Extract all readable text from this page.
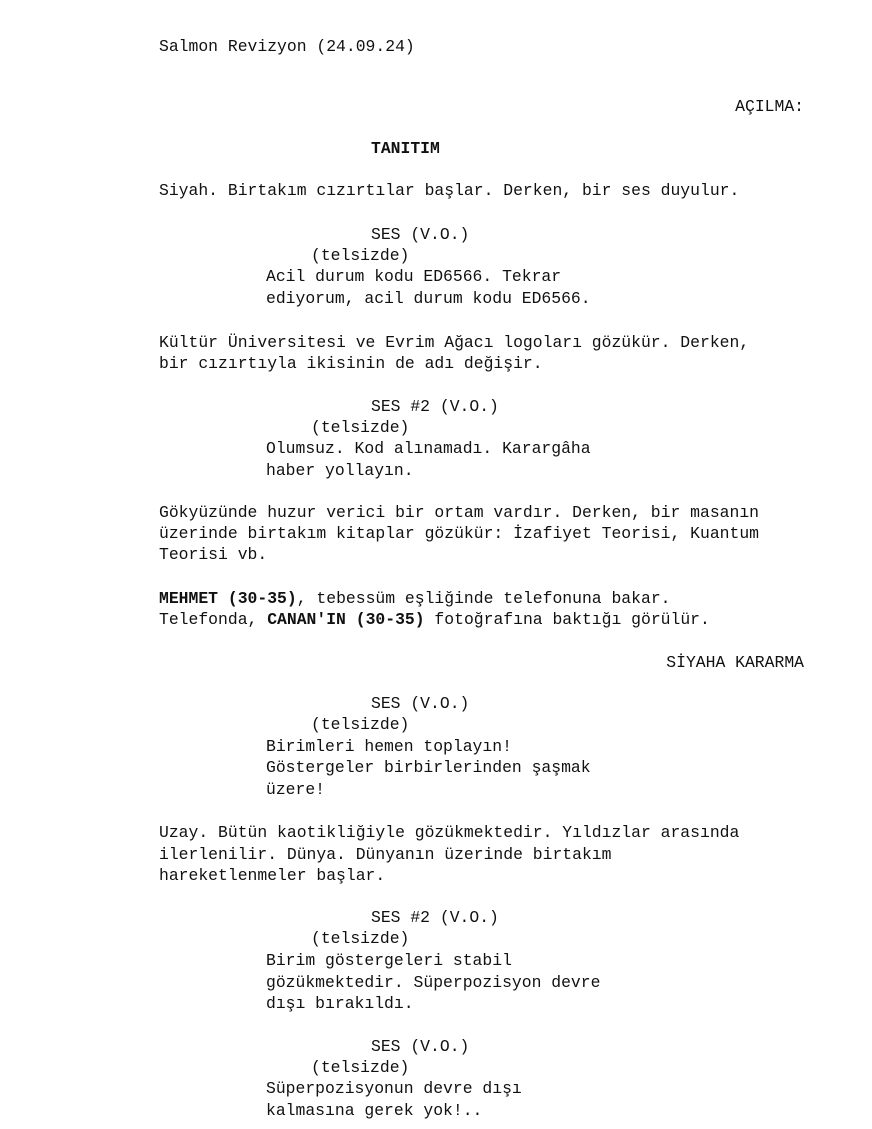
Salmon Revizyon (24.09.24)
AÇILMA:
TANITIM
Siyah. Birtakım cızırtılar başlar. Derken, bir ses duyulur.
SES (V.O.)
(telsizde)
Acil durum kodu ED6566. Tekrar
ediyorum, acil durum kodu ED6566.
Kültür Üniversitesi ve Evrim Ağacı logoları gözükür. Derken,
bir cızırtıyla ikisinin de adı değişir.
SES #2 (V.O.)
(telsizde)
Olumsuz. Kod alınamadı. Karargâha
haber yollayın.
Gökyüzünde huzur verici bir ortam vardır. Derken, bir masanın
üzerinde birtakım kitaplar gözükür: İzafiyet Teorisi, Kuantum
Teorisi vb.
MEHMET (30-35), tebessüm eşliğinde telefonuna bakar.
Telefonda, CANAN'IN (30-35) fotoğrafına baktığı görülür.
SİYAHA KARARMA
SES (V.O.)
(telsizde)
Birimleri hemen toplayın!
Göstergeler birbirlerinden şaşmak
üzere!
Uzay. Bütün kaotikliğiyle gözükmektedir. Yıldızlar arasında
ilerlenilir. Dünya. Dünyanın üzerinde birtakım
hareketlenmeler başlar.
SES #2 (V.O.)
(telsizde)
Birim göstergeleri stabil
gözükmektedir. Süperpozisyon devre
dışı bırakıldı.
SES (V.O.)
(telsizde)
Süperpozisyonun devre dışı
kalmasına gerek yok!..
